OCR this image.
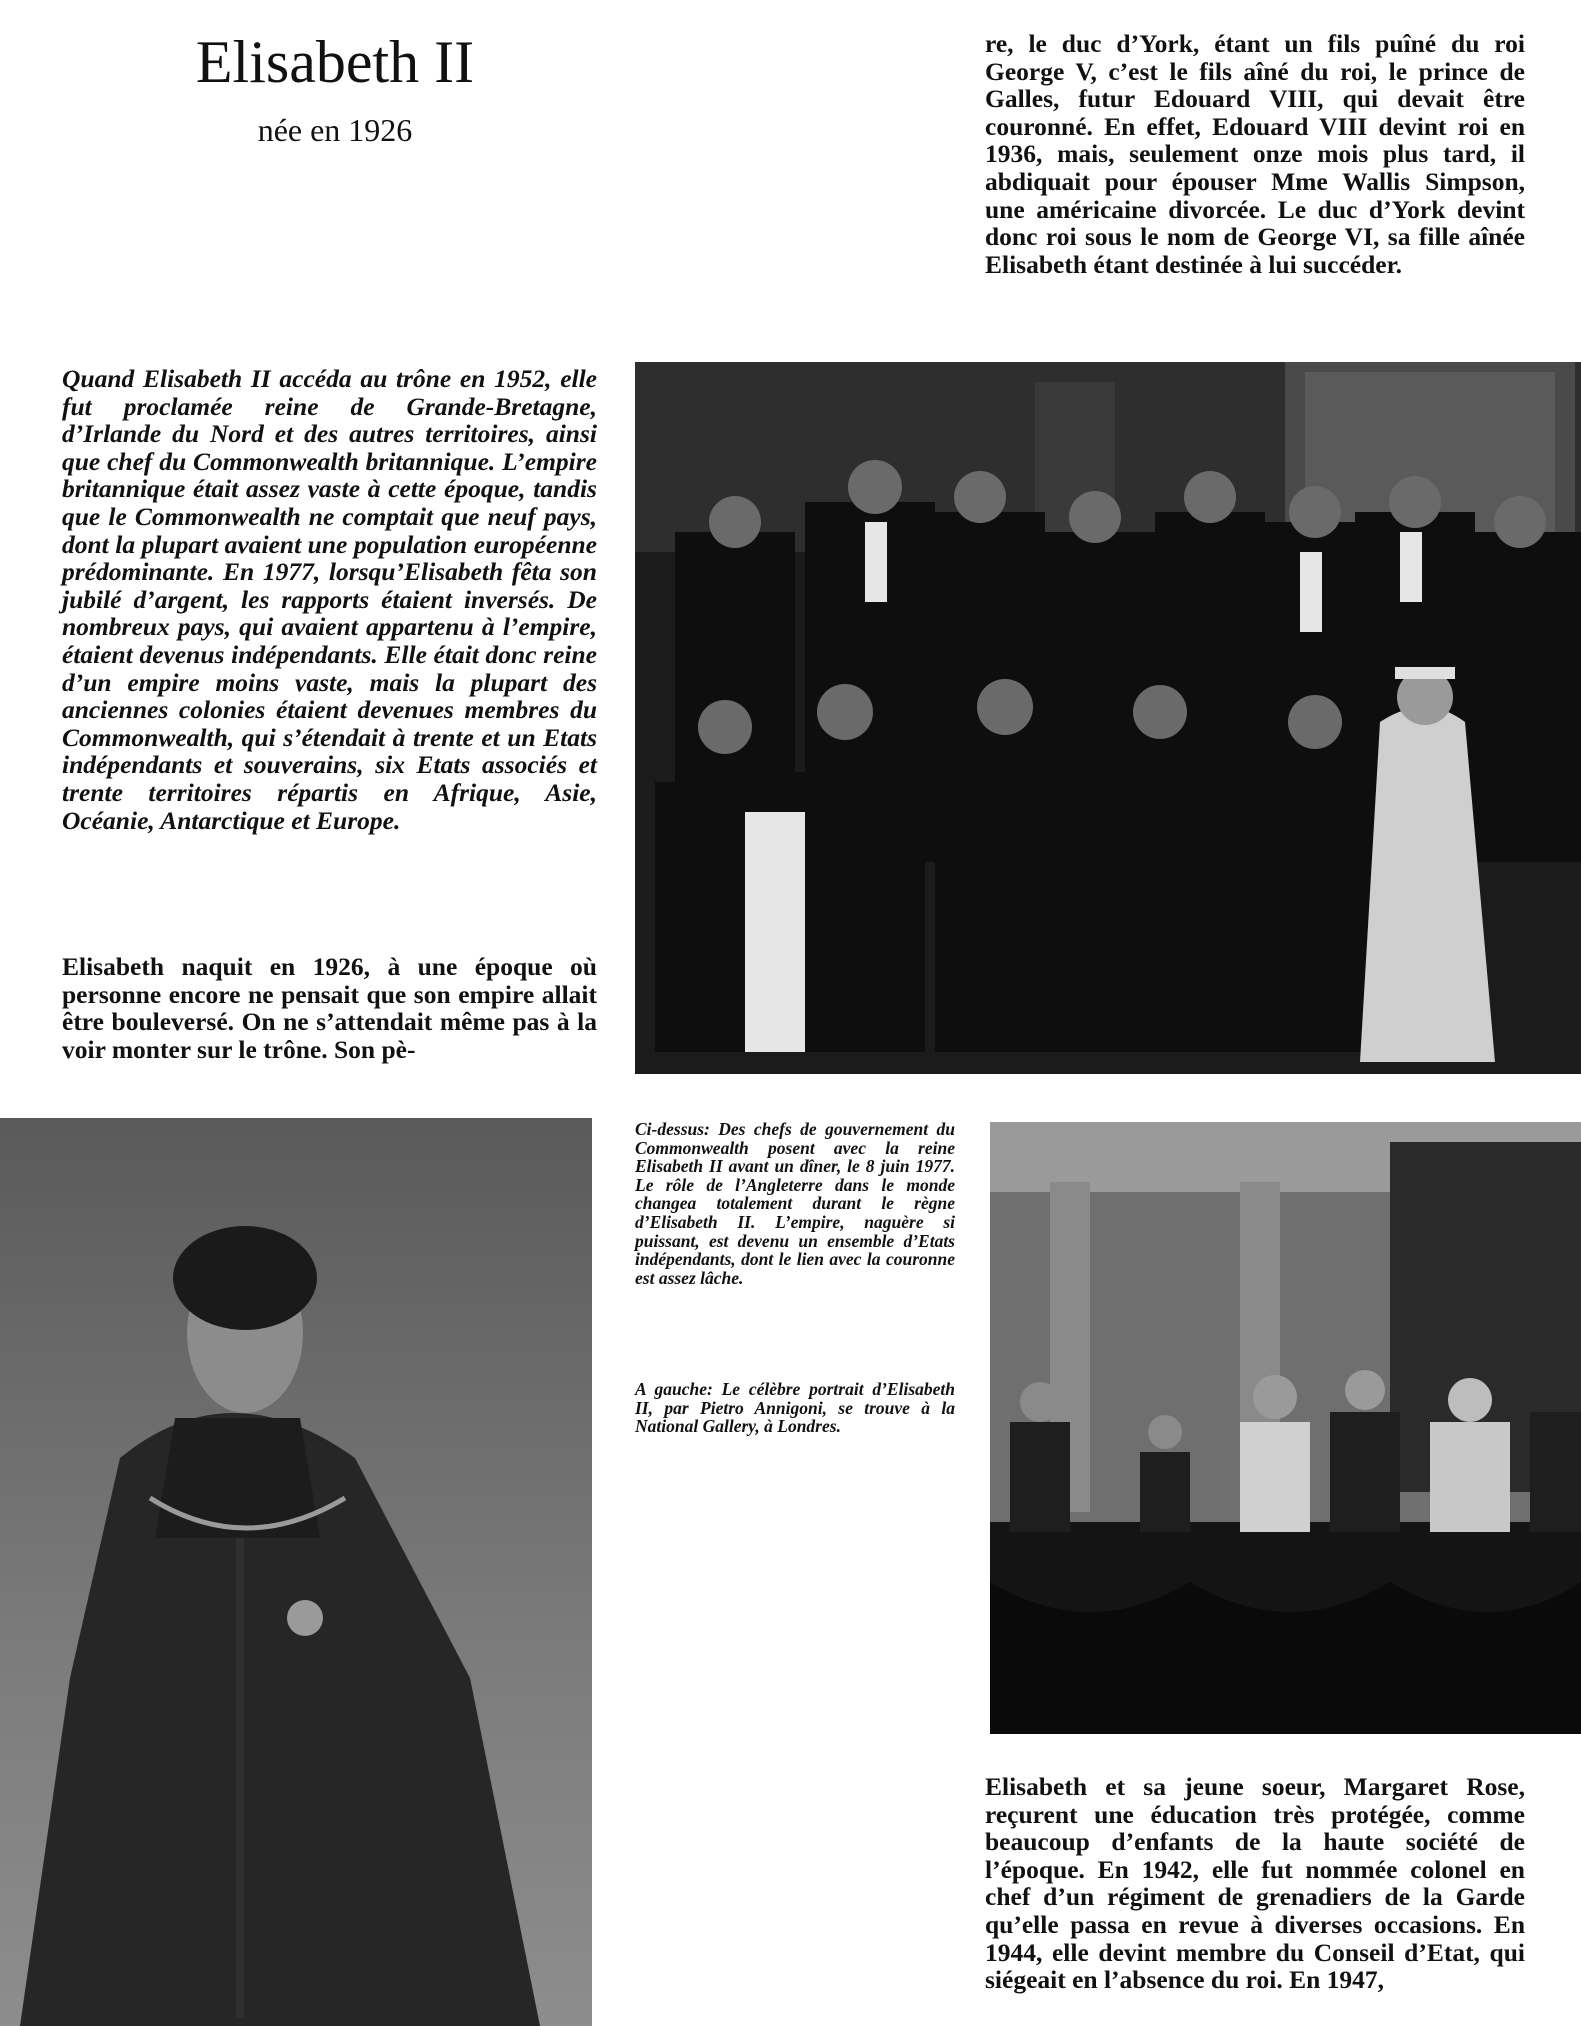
Elisabeth II

née en 1926

re, le duc d’York, étant un fils puîné du roi George V, c’est le fils aîné du roi, le prince de Galles, futur Edouard VIII, qui devait être couronné. En effet, Edouard VIII devint roi en 1936, mais, seulement onze mois plus tard, il abdiquait pour épouser Mme Wallis Simpson, une américaine divorcée. Le duc d’York devint donc roi sous le nom de George VI, sa fille aînée Elisabeth étant destinée à lui succéder.

Quand Elisabeth II accéda au trône en 1952, elle fut proclamée reine de Grande-Bretagne, d’Irlande du Nord et des autres territoires, ainsi que chef du Commonwealth britannique. L’empire britannique était assez vaste à cette époque, tandis que le Commonwealth ne comptait que neuf pays, dont la plupart avaient une population européenne prédominante. En 1977, lorsqu’Elisabeth fêta son jubilé d’argent, les rapports étaient inversés. De nombreux pays, qui avaient appartenu à l’empire, étaient devenus indépendants. Elle était donc reine d’un empire moins vaste, mais la plupart des anciennes colonies étaient devenues membres du Commonwealth, qui s’étendait à trente et un Etats indépendants et souverains, six Etats associés et trente territoires répartis en Afrique, Asie, Océanie, Antarctique et Europe.

Elisabeth naquit en 1926, à une époque où personne encore ne pensait que son empire allait être bouleversé. On ne s’attendait même pas à la voir monter sur le trône. Son pè-

Ci-dessus: Des chefs de gouvernement du Commonwealth posent avec la reine Elisabeth II avant un dîner, le 8 juin 1977. Le rôle de l’Angleterre dans le monde changea totalement durant le règne d’Elisabeth II. L’empire, naguère si puissant, est devenu un ensemble d’Etats indépendants, dont le lien avec la couronne est assez lâche.

A gauche: Le célèbre portrait d’Elisabeth II, par Pietro Annigoni, se trouve à la National Gallery, à Londres.

Elisabeth et sa jeune soeur, Margaret Rose, reçurent une éducation très protégée, comme beaucoup d’enfants de la haute société de l’époque. En 1942, elle fut nommée colonel en chef d’un régiment de grenadiers de la Garde qu’elle passa en revue à diverses occasions. En 1944, elle devint membre du Conseil d’Etat, qui siégeait en l’absence du roi. En 1947,
